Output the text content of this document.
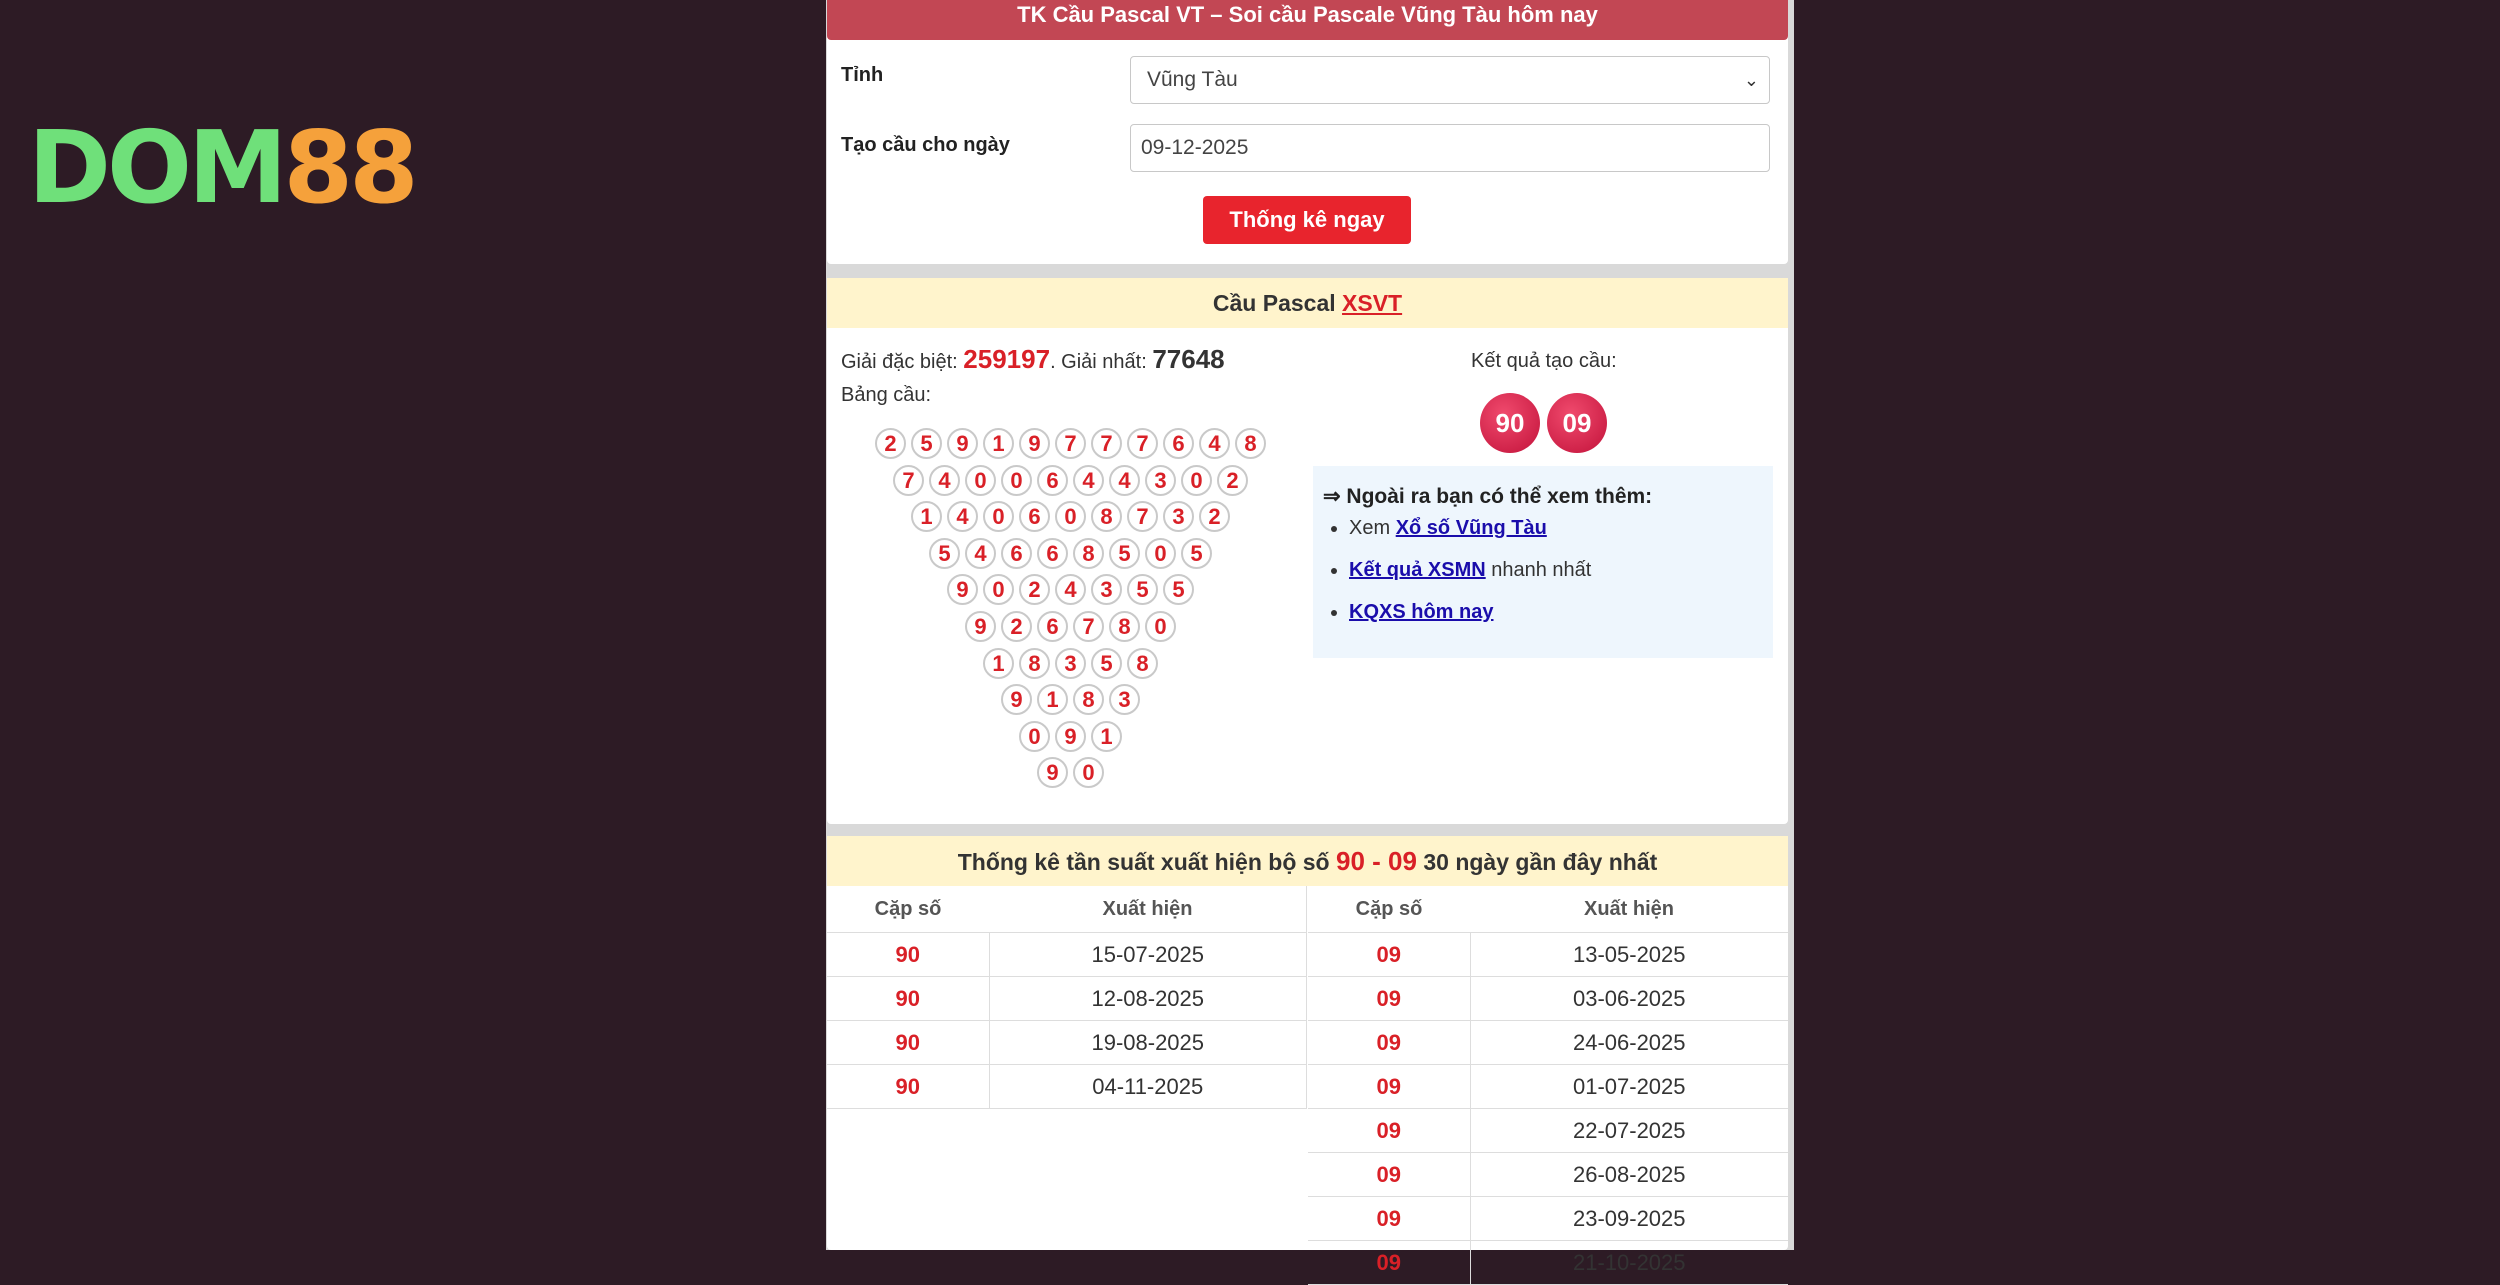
DOM88
TK Cầu Pascal VT – Soi cầu Pascale Vũng Tàu hôm nay
Tỉnh	Vũng Tàu	⌄
Tạo cầu cho ngày	09-12-2025
Thống kê ngay
Cầu Pascal XSVT
Giải đặc biệt: 259197. Giải nhất: 77648
Bảng cầu:
2	5	9	1	9	7	7	7	6	4	8
7	4	0	0	6	4	4	3	0	2
1	4	0	6	0	8	7	3	2
5	4	6	6	8	5	0	5
9	0	2	4	3	5	5
9	2	6	7	8	0
1	8	3	5	8
9	1	8	3
0	9	1
9	0
Kết quả tạo cầu:
90	09
⇒ Ngoài ra bạn có thể xem thêm:
• Xem Xổ số Vũng Tàu
• Kết quả XSMN nhanh nhất
• KQXS hôm nay
Thống kê tần suất xuất hiện bộ số 90 - 09 30 ngày gần đây nhất
Cặp số	Xuất hiện
90	15-07-2025
90	12-08-2025
90	19-08-2025
90	04-11-2025
Cặp số	Xuất hiện
09	13-05-2025
09	03-06-2025
09	24-06-2025
09	01-07-2025
09	22-07-2025
09	26-08-2025
09	23-09-2025
09	21-10-2025
